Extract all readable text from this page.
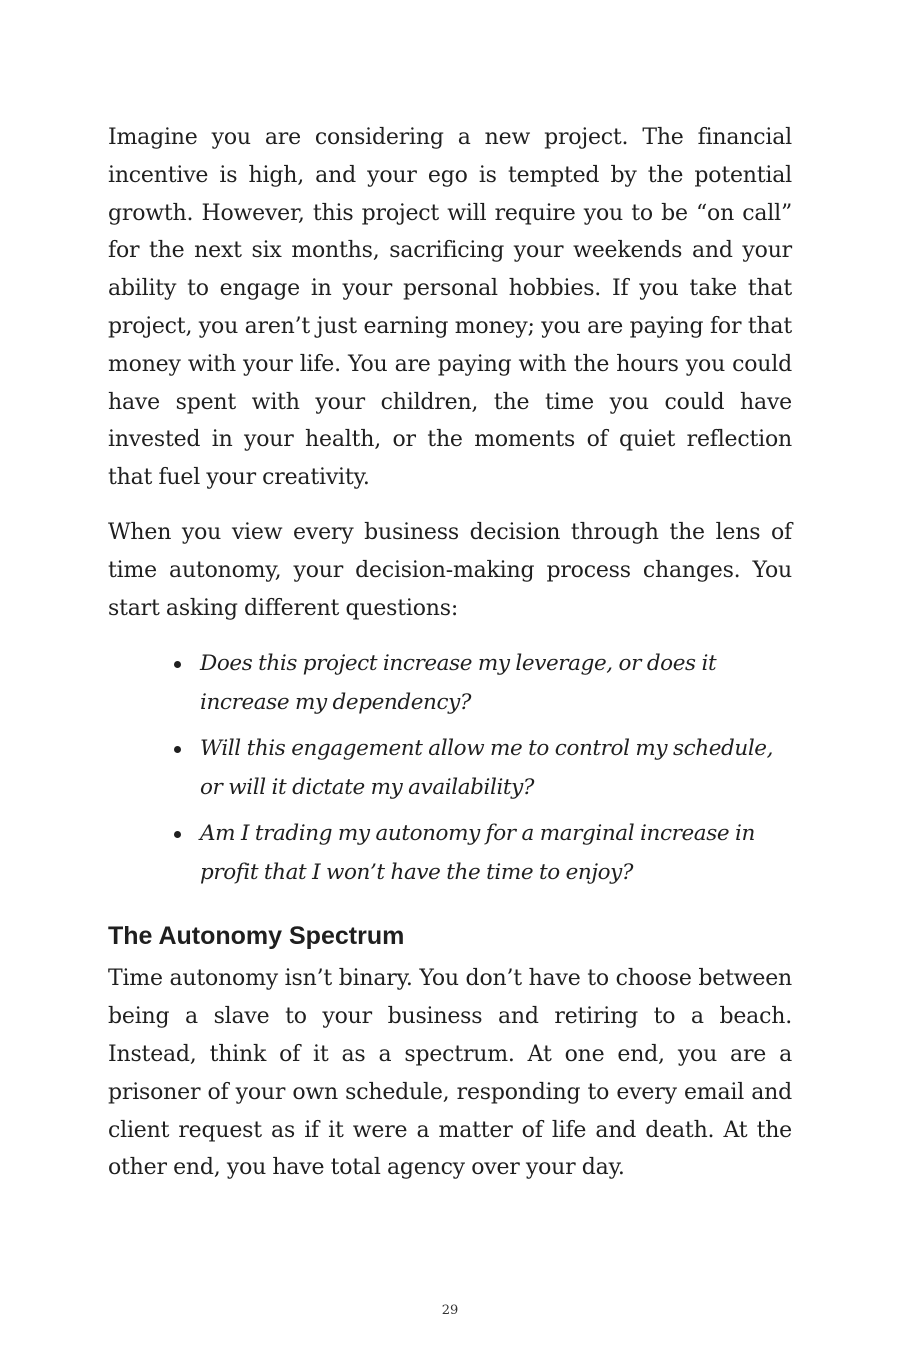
Imagine you are considering a new project. The financial incentive is high, and your ego is tempted by the potential growth. However, this project will require you to be “on call” for the next six months, sacrificing your weekends and your ability to engage in your personal hobbies. If you take that project, you aren’t just earning money; you are paying for that money with your life. You are paying with the hours you could have spent with your children, the time you could have invested in your health, or the moments of quiet reflection that fuel your creativity.

When you view every business decision through the lens of time autonomy, your decision-making process changes. You start asking different questions:

Does this project increase my leverage, or does it increase my dependency?
Will this engagement allow me to control my schedule, or will it dictate my availability?
Am I trading my autonomy for a marginal increase in profit that I won’t have the time to enjoy?
The Autonomy Spectrum

Time autonomy isn’t binary. You don’t have to choose between being a slave to your business and retiring to a beach. Instead, think of it as a spectrum. At one end, you are a prisoner of your own schedule, responding to every email and client request as if it were a matter of life and death. At the other end, you have total agency over your day.

29
